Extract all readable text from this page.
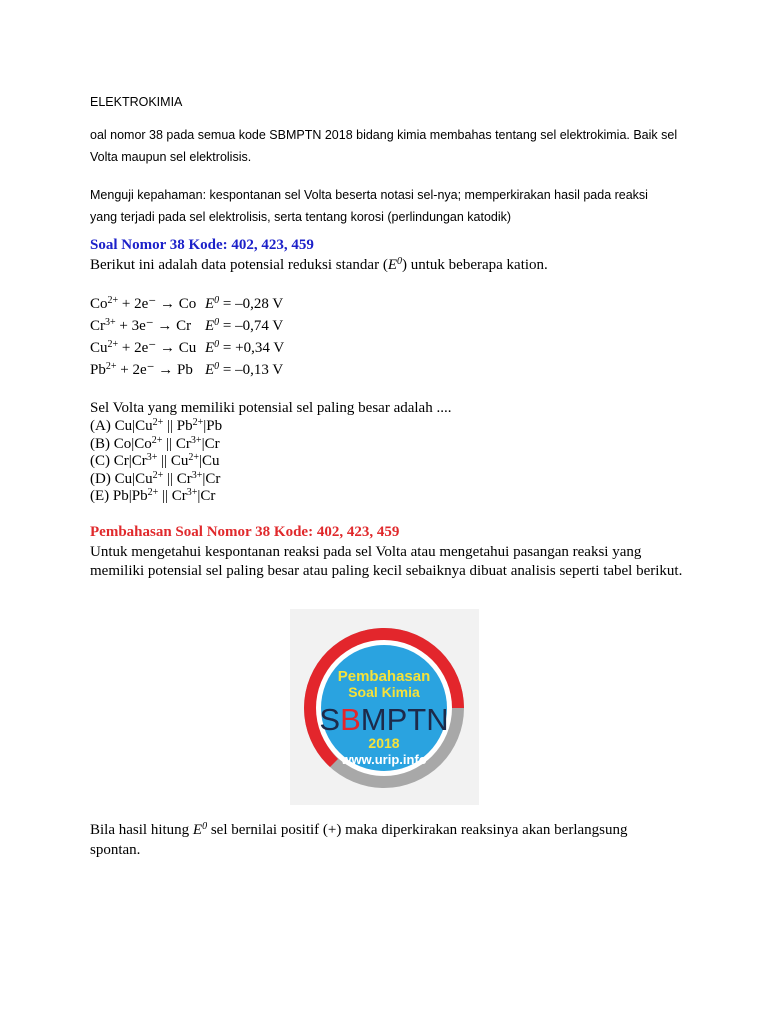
ELEKTROKIMIA
oal nomor 38 pada semua kode SBMPTN 2018 bidang kimia membahas tentang sel elektrokimia. Baik sel
Volta maupun sel elektrolisis.
Menguji kepahaman: kespontanan sel Volta beserta notasi sel-nya; memperkirakan hasil pada reaksi
yang terjadi pada sel elektrolisis, serta tentang korosi (perlindungan katodik)
Soal Nomor 38 Kode: 402, 423, 459
Berikut ini adalah data potensial reduksi standar $(E^0)$ untuk beberapa kation.
$Co^{2+} + 2e^- \to Co$ $E^0 = -0,28$ V
$Cr^{3+} + 3e^- \to Cr$ $E^0 = -0,74$ V
$Cu^{2+} + 2e^- \to Cu$ $E^0 = +0,34$ V
$Pb^{2+} + 2e^- \to Pb$ $E^0 = -0,13$ V
Sel Volta yang memiliki potensial sel paling besar adalah ....
(A) $Cu|Cu^{2+}$ || $Pb^{2+}|Pb$
(B) $Co|Co^{2+}$ || $Cr^{3+}|Cr$
(C) $Cr|Cr^{3+}$ || $Cu^{2+}|Cu$
(D) $Cu|Cu^{2+}$ || $Cr^{3+}|Cr$
(E) $Pb|Pb^{2+}$ || $Cr^{3+}|Cr$
Pembahasan Soal Nomor 38 Kode: 402, 423, 459
Untuk mengetahui kespontanan reaksi pada sel Volta atau mengetahui pasangan reaksi yang memiliki potensial sel paling besar atau paling kecil sebaiknya dibuat analisis seperti tabel berikut.
Bila hasil hitung $E^0$ sel bernilai positif (+) maka diperkirakan reaksinya akan berlangsung
spontan.
Pembahasan
Soal Kimia
SBMPTN
2018
www.urip.info
